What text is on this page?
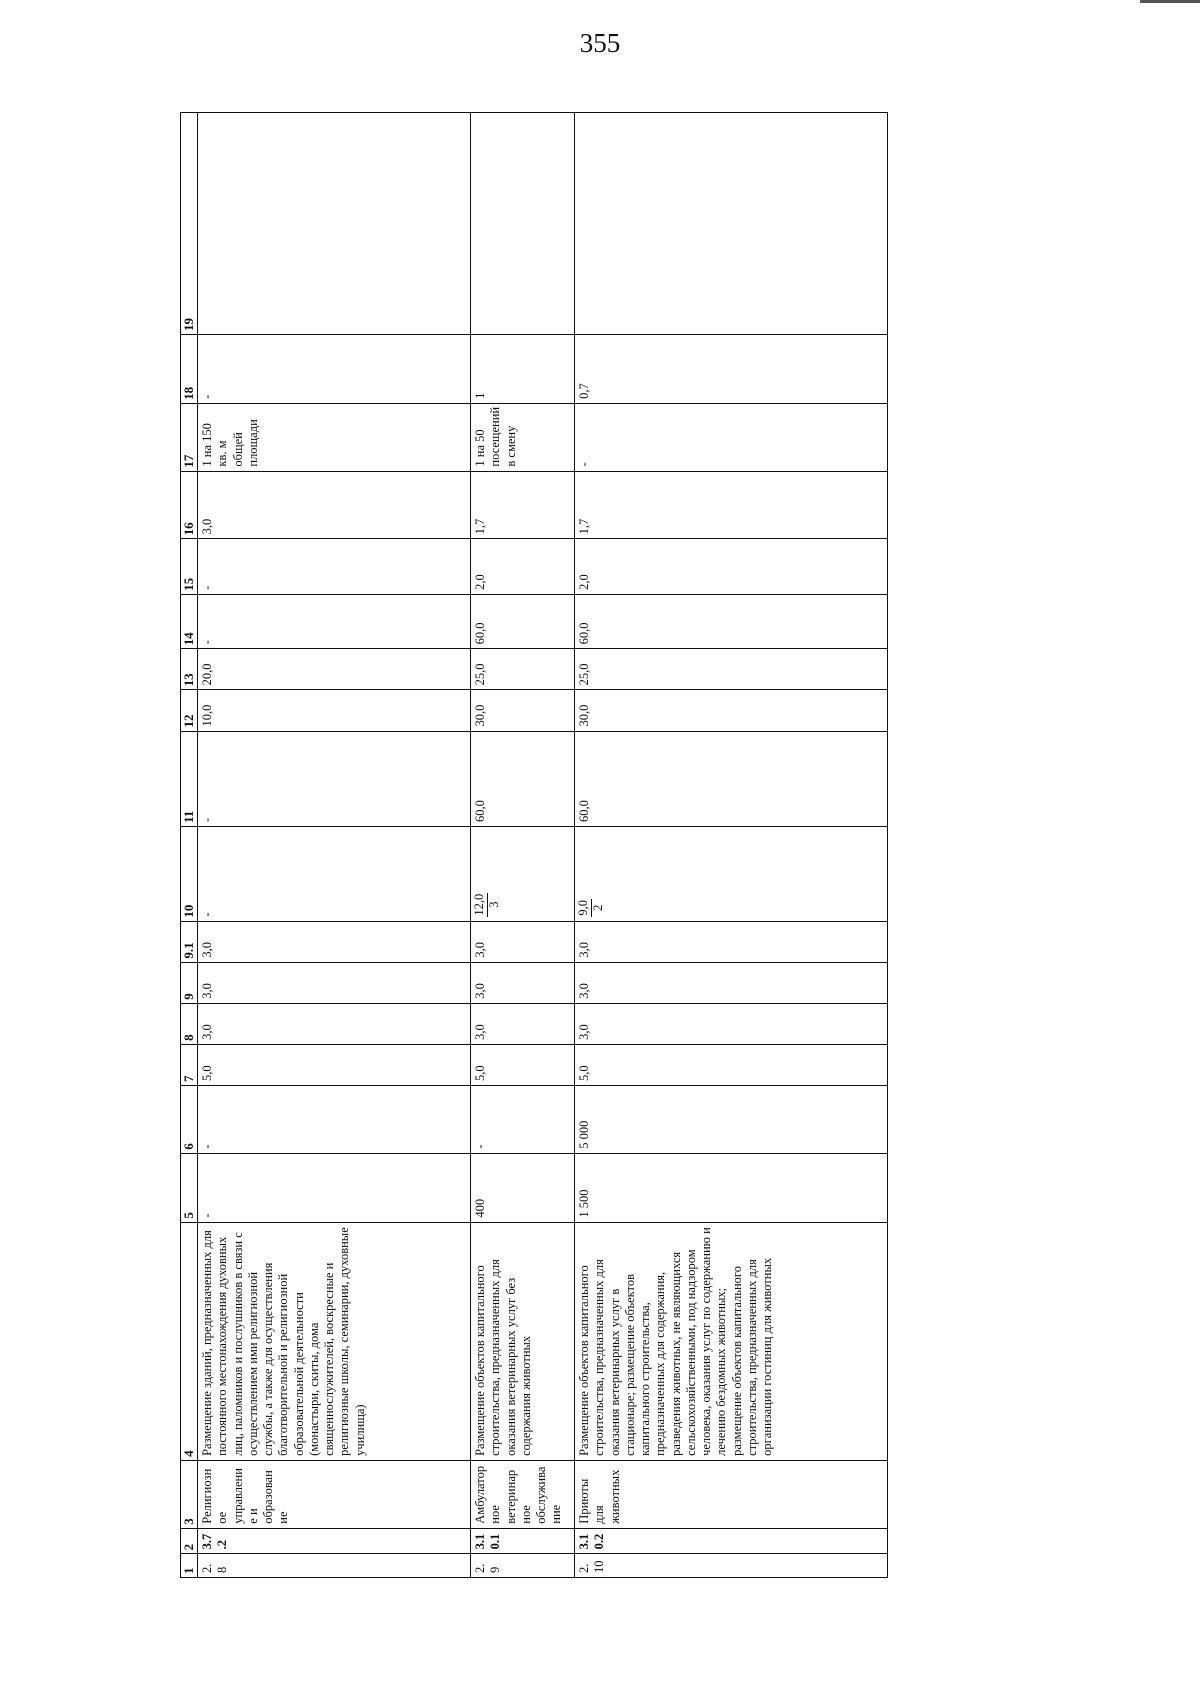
355
1	2	3	4	5	6	7	8	9	9.1	10	11	12	13	14	15	16	17	18	19
2.8	3.7.2	Религиозное управление и образование	Размещение зданий, предназначенных для постоянного местонахождения духовных лиц, паломников и послушников в связи с осуществлением ими религиозной службы, а также для осуществления благотворительной и религиозной образовательной деятельности (монастыри, скиты, дома священнослужителей, воскресные и религиозные школы, семинарии, духовные училища)	-	-	5,0	3,0	3,0	3,0	-	-	10,0	20,0	-	-	3,0	1 на 150 кв. м общей площади	-	
2.9	3.10.1	Амбулаторное ветеринарное обслуживание	Размещение объектов капитального строительства, предназначенных для оказания ветеринарных услуг без содержания животных	400	-	5,0	3,0	3,0	3,0	12,0 3	60,0	30,0	25,0	60,0	2,0	1,7	1 на 50 посещений в смену	1	
2.10	3.10.2	Приюты для животных	Размещение объектов капитального строительства, предназначенных для оказания ветеринарных услуг в стационаре; размещение объектов капитального строительства, предназначенных для содержания, разведения животных, не являющихся сельскохозяйственными, под надзором человека, оказания услуг по содержанию и лечению бездомных животных; размещение объектов капитального строительства, предназначенных для организации гостиниц для животных	1 500	5 000	5,0	3,0	3,0	3,0	9,0 2	60,0	30,0	25,0	60,0	2,0	1,7	-	0,7	
